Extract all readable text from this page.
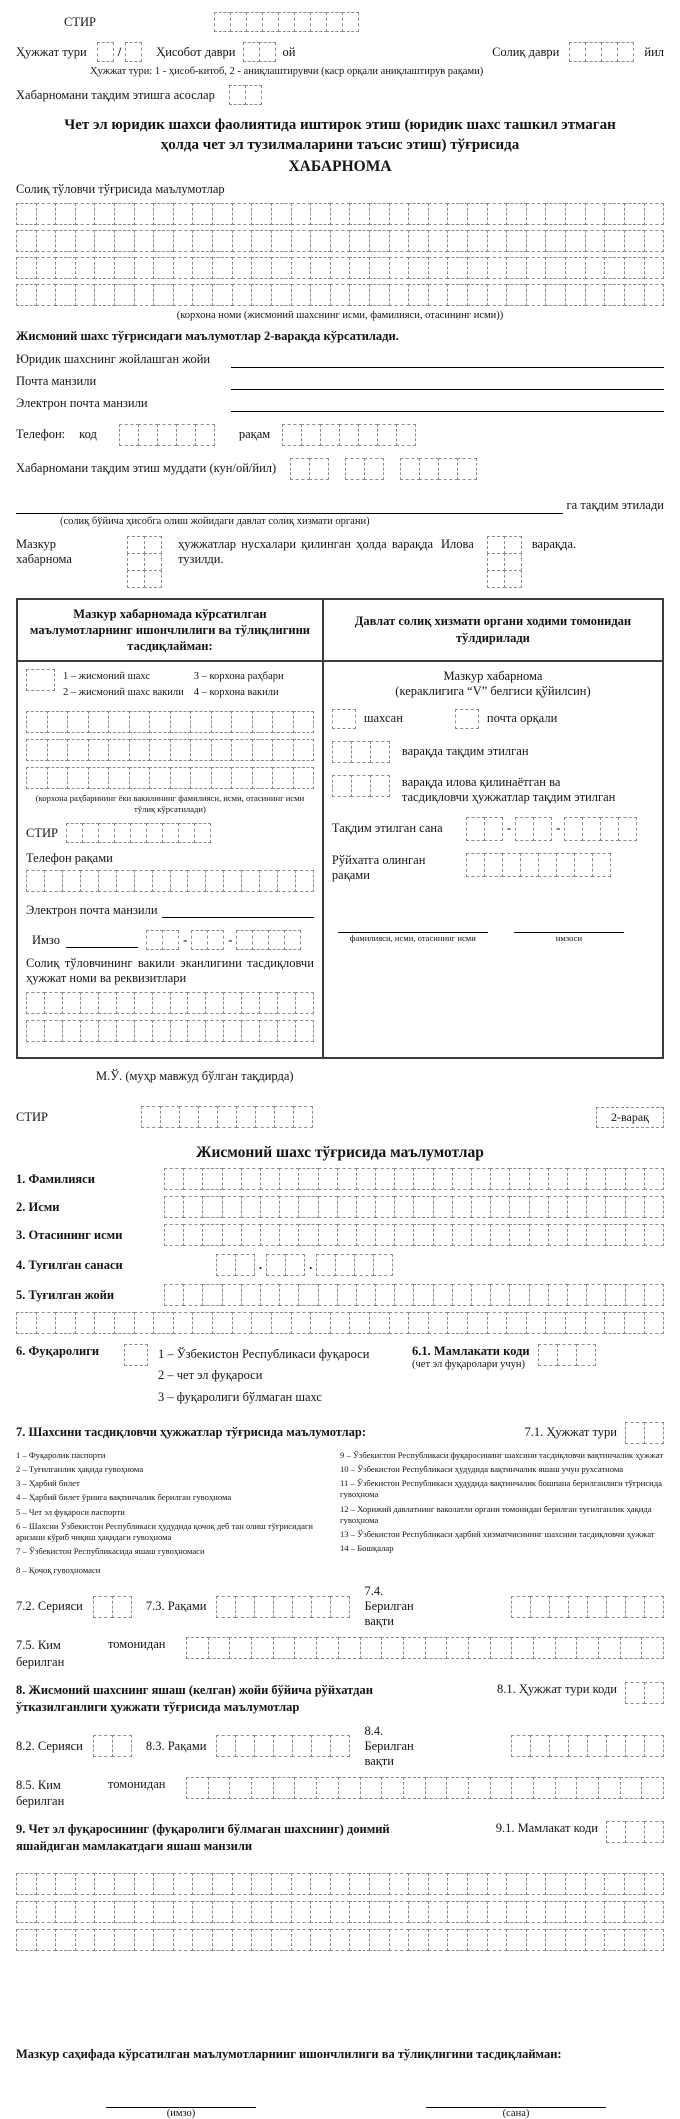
СТИР
Ҳужжат тури	/	Ҳисобот даври	ой	Солиқ даври	йил
Ҳужжат тури: 1 - ҳисоб-китоб, 2 - аниқлаштирувчи (каср орқали аниқлаштирув рақами)
Хабарномани тақдим этишга асослар
Чет эл юридик шахси фаолиятида иштирок этиш (юридик шахс ташкил этмаган ҳолда чет эл тузилмаларини таъсис этиш) тўғрисида
ХАБАРНОМА
Солиқ тўловчи тўғрисида маълумотлар
(корхона номи (жисмоний шахснинг исми, фамилияси, отасининг исми))
Жисмоний шахс тўғрисидаги маълумотлар 2-варақда кўрсатилади.
Юридик шахснинг жойлашган жойи
Почта манзили
Электрон почта манзили
Телефон: код	рақам
Хабарномани тақдим этиш муддати (кун/ой/йил)
га тақдим этилади
(солиқ бўйича ҳисобга олиш жойидаги давлат солиқ хизмати органи)
Мазкур хабарнома
ҳужжатлар нусхалари қилинган ҳолда варақда тузилди.
Илова	варақда.
Мазкур хабарномада кўрсатилган маълумотларнинг ишончлилиги ва тўлиқлигини тасдиқлайман:
1 – жисмоний шахс
2 – жисмоний шахс вакили
3 – корхона раҳбари
4 – корхона вакили
(корхона раҳбарининг ёки вакилининг фамилияси, исми, отасининг исми тўлиқ кўрсатилади)
СТИР
Телефон рақами
Электрон почта манзили
Имзо	-	-
Солиқ тўловчининг вакили эканлигини тасдиқловчи ҳужжат номи ва реквизитлари
Давлат солиқ хизмати органи ходими томонидан тўлдирилади
Мазкур хабарнома
(кераклигига “V” белгиси қўйилсин)
шахсан	почта орқали
варақда тақдим этилган
варақда илова қилинаётган ва тасдиқловчи ҳужжатлар тақдим этилган
Тақдим этилган сана	-	-
Рўйхатга олинган рақами
фамилияси, исми, отасининг исми	имзоси
М.Ў. (муҳр мавжуд бўлган тақдирда)
СТИР	2-варақ
Жисмоний шахс тўғрисида маълумотлар
1. Фамилияси
2. Исми
3. Отасининг исми
4. Туғилган санаси	.	.
5. Туғилган жойи
6. Фуқаролиги	1 – Ўзбекистон Республикаси фуқароси
2 – чет эл фуқароси
3 – фуқаролиги бўлмаган шахс
6.1. Мамлакати коди
(чет эл фуқаролари учун)
7. Шахсини тасдиқловчи ҳужжатлар тўғрисида маълумотлар:	7.1. Ҳужжат тури
1 – Фуқаролик паспорти
2 – Туғилганлик ҳақида гувоҳнома
3 – Ҳарбий билет
4 – Ҳарбий билет ўрнига вақтинчалик берилган гувоҳнома
5 – Чет эл фуқароси паспорти
6 – Шахсни Ўзбекистон Республикаси ҳудудида қочоқ деб тан олиш тўғрисидаги аризани кўриб чиқиш ҳақидаги гувоҳнома
7 – Ўзбекистон Республикасида яшаш гувоҳномаси
8 – Қочоқ гувоҳномаси
9 – Ўзбекистон Республикаси фуқаросининг шахсини тасдиқловчи вақтинчалик ҳужжат
10 – Ўзбекистон Республикаси ҳудудида вақтинчалик яшаш учун рухсатнома
11 – Ўзбекистон Республикаси ҳудудида вақтинчалик бошпана берилганлиги тўғрисида гувоҳнома
12 – Хорижий давлатнинг ваколатли органи томонидан берилган туғилганлик ҳақида гувоҳнома
13 – Ўзбекистон Республикаси ҳарбий хизматчисининг шахсини тасдиқловчи ҳужжат
14 – Бошқалар
7.2. Серияси	7.3. Рақами
7.4. Берилган вақти
7.5. Ким берилган
томонидан
8. Жисмоний шахснинг яшаш (келган) жойи бўйича рўйхатдан ўтказилганлиги ҳужжати тўғрисида маълумотлар
8.1. Ҳужжат тури коди
8.2. Серияси	8.3. Рақами
8.4. Берилган вақти
8.5. Ким берилган
томонидан
9. Чет эл фуқаросининг (фуқаролиги бўлмаган шахснинг) доимий яшайдиган мамлакатдаги яшаш манзили
9.1. Мамлакат коди
Мазкур саҳифада кўрсатилган маълумотларнинг ишончлилиги ва тўлиқлигини тасдиқлайман:
(имзо)	(сана)
